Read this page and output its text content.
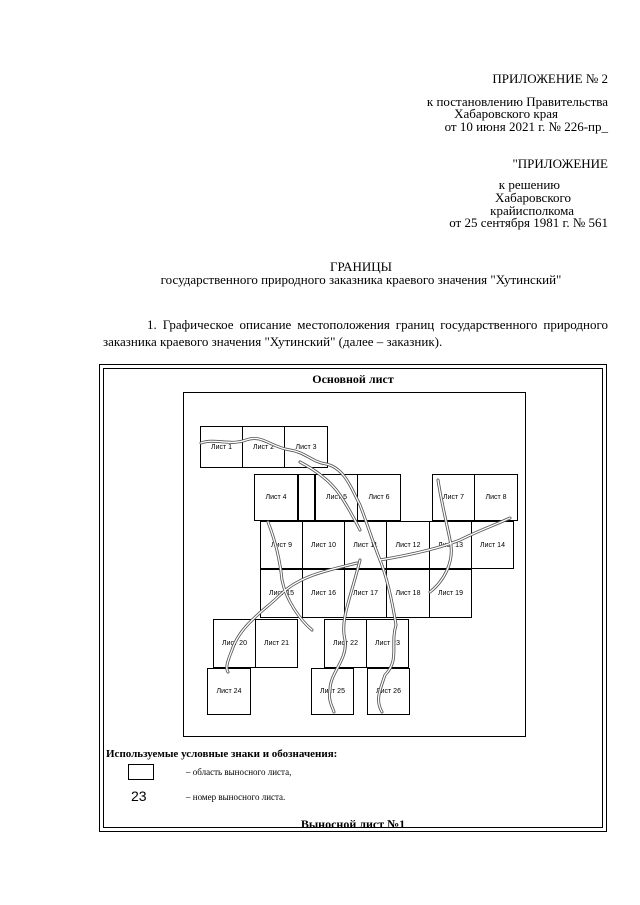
ПРИЛОЖЕНИЕ № 2
к постановлению Правительства
Хабаровского края
от 10 июня 2021 г. № 226-пр_
"ПРИЛОЖЕНИЕ
к решению
Хабаровского
крайисполкома
от 25 сентября 1981 г. № 561
ГРАНИЦЫ
государственного природного заказника краевого значения "Хутинский"
1. Графическое описание местоположения границ государственного природного заказника краевого значения "Хутинский" (далее – заказник).
Основной лист
Лист 1	Лист 2	Лист 3
Лист 4	Лист 5	Лист 6	Лист 7	Лист 8
Лист 9	Лист 10	Лист 11	Лист 12	Лист 13	Лист 14
Лист 15	Лист 16	Лист 17	Лист 18	Лист 19
Лист 20	Лист 21	Лист 22	Лист 23
Лист 24	Лист 25	Лист 26
Используемые условные знаки и обозначения:
– область выносного листа,
23	– номер выносного листа.
Выносной лист №1
